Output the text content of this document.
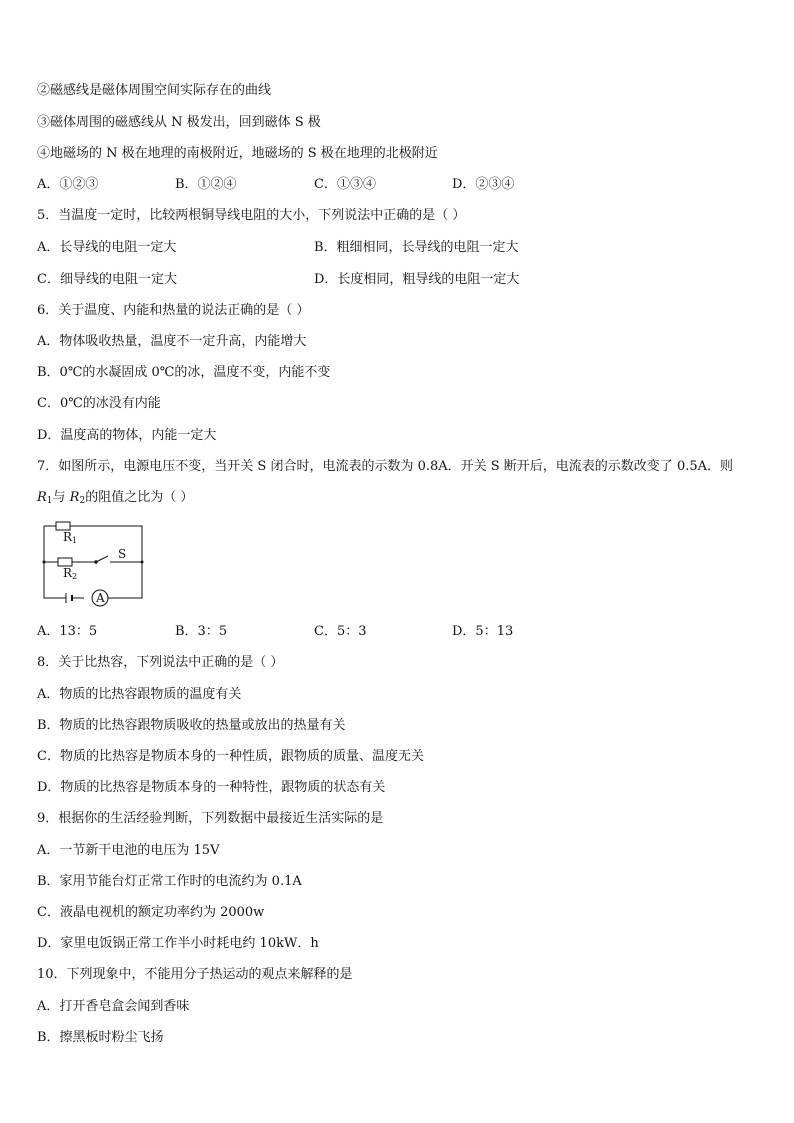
②磁感线是磁体周围空间实际存在的曲线
③磁体周围的磁感线从 N 极发出，回到磁体 S 极
④地磁场的 N 极在地理的南极附近，地磁场的 S 极在地理的北极附近
A．①②③	B．①②④	C．①③④	D．②③④
5．当温度一定时，比较两根铜导线电阻的大小，下列说法中正确的是（ ）
A．长导线的电阻一定大	B．粗细相同，长导线的电阻一定大
C．细导线的电阻一定大	D．长度相同，粗导线的电阻一定大
6．关于温度、内能和热量的说法正确的是（ ）
A．物体吸收热量，温度不一定升高，内能增大
B．0℃的水凝固成 0℃的冰，温度不变，内能不变
C．0℃的冰没有内能
D．温度高的物体，内能一定大
7．如图所示，电源电压不变，当开关 S 闭合时，电流表的示数为 0.8A．开关 S 断开后，电流表的示数改变了 0.5A．则
$R_1$与 $R_2$的阻值之比为（ ）
R1
R2
S
A
A．13：5	B．3：5	C．5：3	D．5：13
8．关于比热容，下列说法中正确的是（ ）
A．物质的比热容跟物质的温度有关
B．物质的比热容跟物质吸收的热量或放出的热量有关
C．物质的比热容是物质本身的一种性质，跟物质的质量、温度无关
D．物质的比热容是物质本身的一种特性，跟物质的状态有关
9．根据你的生活经验判断，下列数据中最接近生活实际的是
A．一节新干电池的电压为 15V
B．家用节能台灯正常工作时的电流约为 0.1A
C．液晶电视机的额定功率约为 2000w
D．家里电饭锅正常工作半小时耗电约 10kW．h
10．下列现象中，不能用分子热运动的观点来解释的是
A．打开香皂盒会闻到香味
B．擦黑板时粉尘飞扬
